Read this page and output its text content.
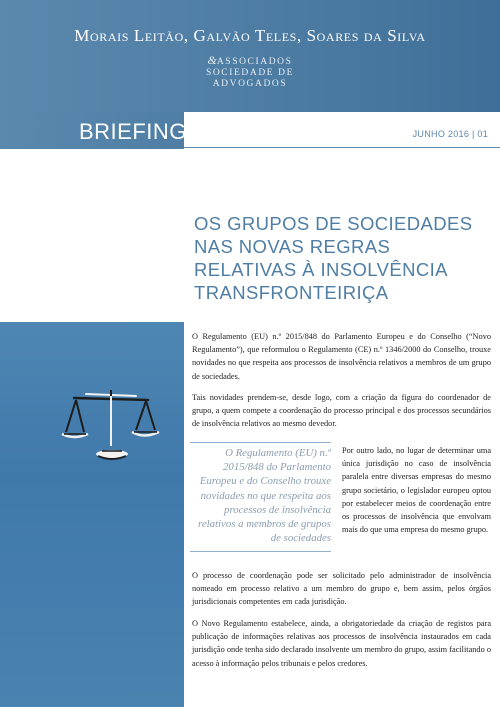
Morais Leitão, Galvão Teles, Soares da Silva
&ASSOCIADOS
SOCIEDADE DE
ADVOGADOS
BRIEFING	JUNHO 2016 | 01
OS GRUPOS DE SOCIEDADES
NAS NOVAS REGRAS
RELATIVAS À INSOLVÊNCIA
TRANSFRONTEIRIÇA

O Regulamento (EU) n.º 2015/848 do Parlamento Europeu e do Conselho (“Novo Regulamento”), que reformulou o Regulamento (CE) n.º 1346/2000 do Conselho, trouxe novidades no que respeita aos processos de insolvência relativos a membros de um grupo de sociedades.

Tais novidades prendem-se, desde logo, com a criação da figura do coordenador de grupo, a quem compete a coordenação do processo principal e dos processos secundários de insolvência relativos ao mesmo devedor.

O Regulamento (EU) n.º 2015/848 do Parlamento Europeu e do Conselho trouxe novidades no que respeita aos processos de insolvência relativos a membros de grupos de sociedades

Por outro lado, no lugar de determinar uma única jurisdição no caso de insolvência paralela entre diversas empresas do mesmo grupo societário, o legislador europeu optou por estabelecer meios de coordenação entre os processos de insolvência que envolvam mais do que uma empresa do mesmo grupo.

O processo de coordenação pode ser solicitado pelo administrador de insolvência nomeado em processo relativo a um membro do grupo e, bem assim, pelos órgãos jurisdicionais competentes em cada jurisdição.

O Novo Regulamento estabelece, ainda, a obrigatoriedade da criação de registos para publicação de informações relativas aos processos de insolvência instaurados em cada jurisdição onde tenha sido declarado insolvente um membro do grupo, assim facilitando o acesso à informação pelos tribunais e pelos credores.
